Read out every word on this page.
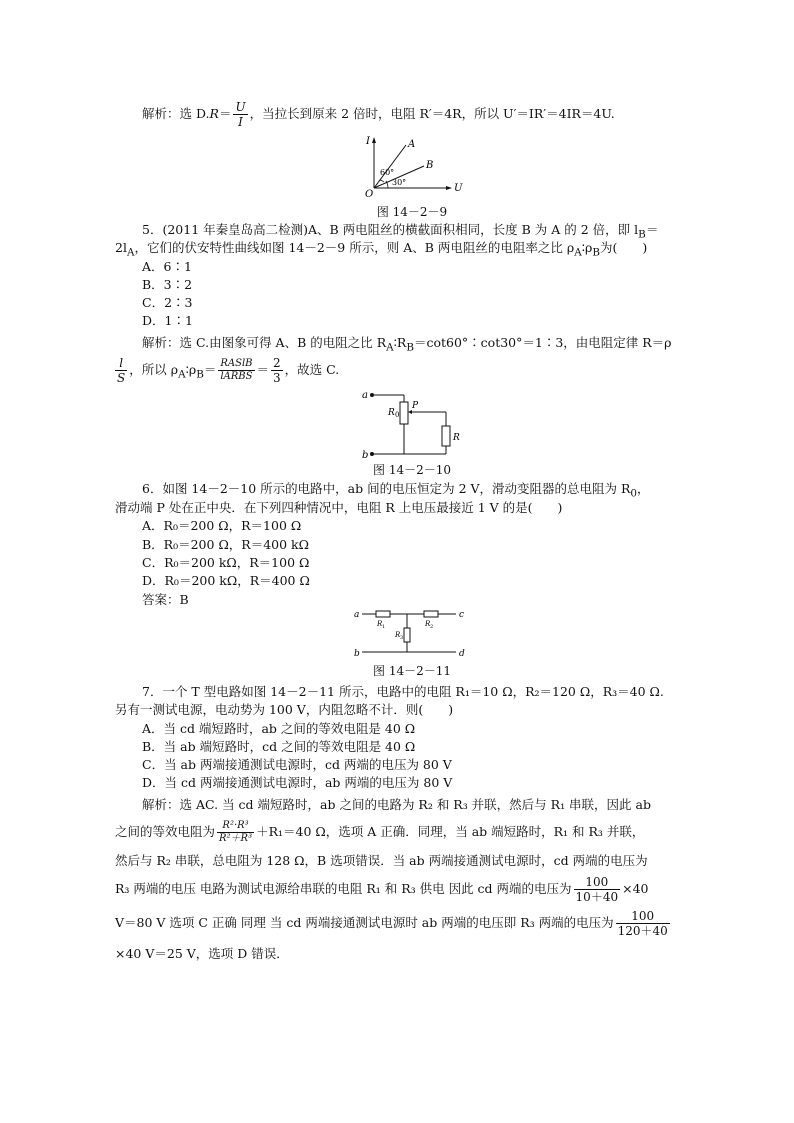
解析：选 $D.R= \frac{U}{I}$ ，当拉长到原来 2 倍时，电阻 R′＝4R，所以 U′＝IR′＝4IR＝4U.
I
U
O
A
B
60°
30°
图 14－2－9
5．(2011 年秦皇岛高二检测)A、B 两电阻丝的横截面积相同，长度 B 为 A 的 2 倍，即 $l_B=$
$2l_A$，它们的伏安特性曲线如图 14－2－9 所示，则 A、B 两电阻丝的电阻率之比 $\rho_A∶\rho_B$为(　　)
A．6∶1
B．3∶2
C．2∶3
D．1∶1
解析：选 C.由图象可得 A、B 的电阻之比 $R_A∶R_B=\cot 60^\circ∶\cot 30^\circ=1∶3$，由电阻定律 R＝ρ
$\frac{l}{S}$ ，所以 $\rho_A∶\rho_B= \frac{\text{RASlB}}{\text{lARBS}} = \frac{2}{3}$ ，故选 C.
a
b
R 0
P
R
图 14－2－10
6．如图 14－2－10 所示的电路中，ab 间的电压恒定为 2 V，滑动变阻器的总电阻为 $R_0$，
滑动端 P 处在正中央．在下列四种情况中，电阻 R 上电压最接近 1 V 的是(　　)
A．R₀＝200 Ω，R＝100 Ω
B．R₀＝200 Ω，R＝400 kΩ
C．R₀＝200 kΩ，R＝100 Ω
D．R₀＝200 kΩ，R＝400 Ω
答案：B
a	c
b	d
R 1	R 2
R 3
图 14－2－11
7．一个 T 型电路如图 14－2－11 所示，电路中的电阻 R₁＝10 Ω，R₂＝120 Ω，R₃＝40 Ω.
另有一测试电源，电动势为 100 V，内阻忽略不计．则(　　)
A．当 cd 端短路时，ab 之间的等效电阻是 40 Ω
B．当 ab 端短路时，cd 之间的等效电阻是 40 Ω
C．当 ab 两端接通测试电源时，cd 两端的电压为 80 V
D．当 cd 两端接通测试电源时，ab 两端的电压为 80 V
解析：选 AC. 当 cd 端短路时，ab 之间的电路为 R₂ 和 R₃ 并联，然后与 R₁ 串联，因此 ab
之间的等效电阻为 $\frac{\text{R²·R³}}{\text{R²＋R³}} +R_1=40$ Ω，选项 A 正确．同理，当 ab 端短路时，R₁ 和 R₃ 并联，
然后与 R₂ 串联，总电阻为 128 Ω，B 选项错误．当 ab 两端接通测试电源时，cd 两端的电压为
R₃ 两端的电压 电路为测试电源给串联的电阻 R₁ 和 R₃ 供电 因此 cd 两端的电压为 $\frac{100}{10+40} \times 40$
V＝80 V 选项 C 正确 同理 当 cd 两端接通测试电源时 ab 两端的电压即 R₃ 两端的电压为 $\frac{100}{120+40}$
×40 V＝25 V，选项 D 错误．
